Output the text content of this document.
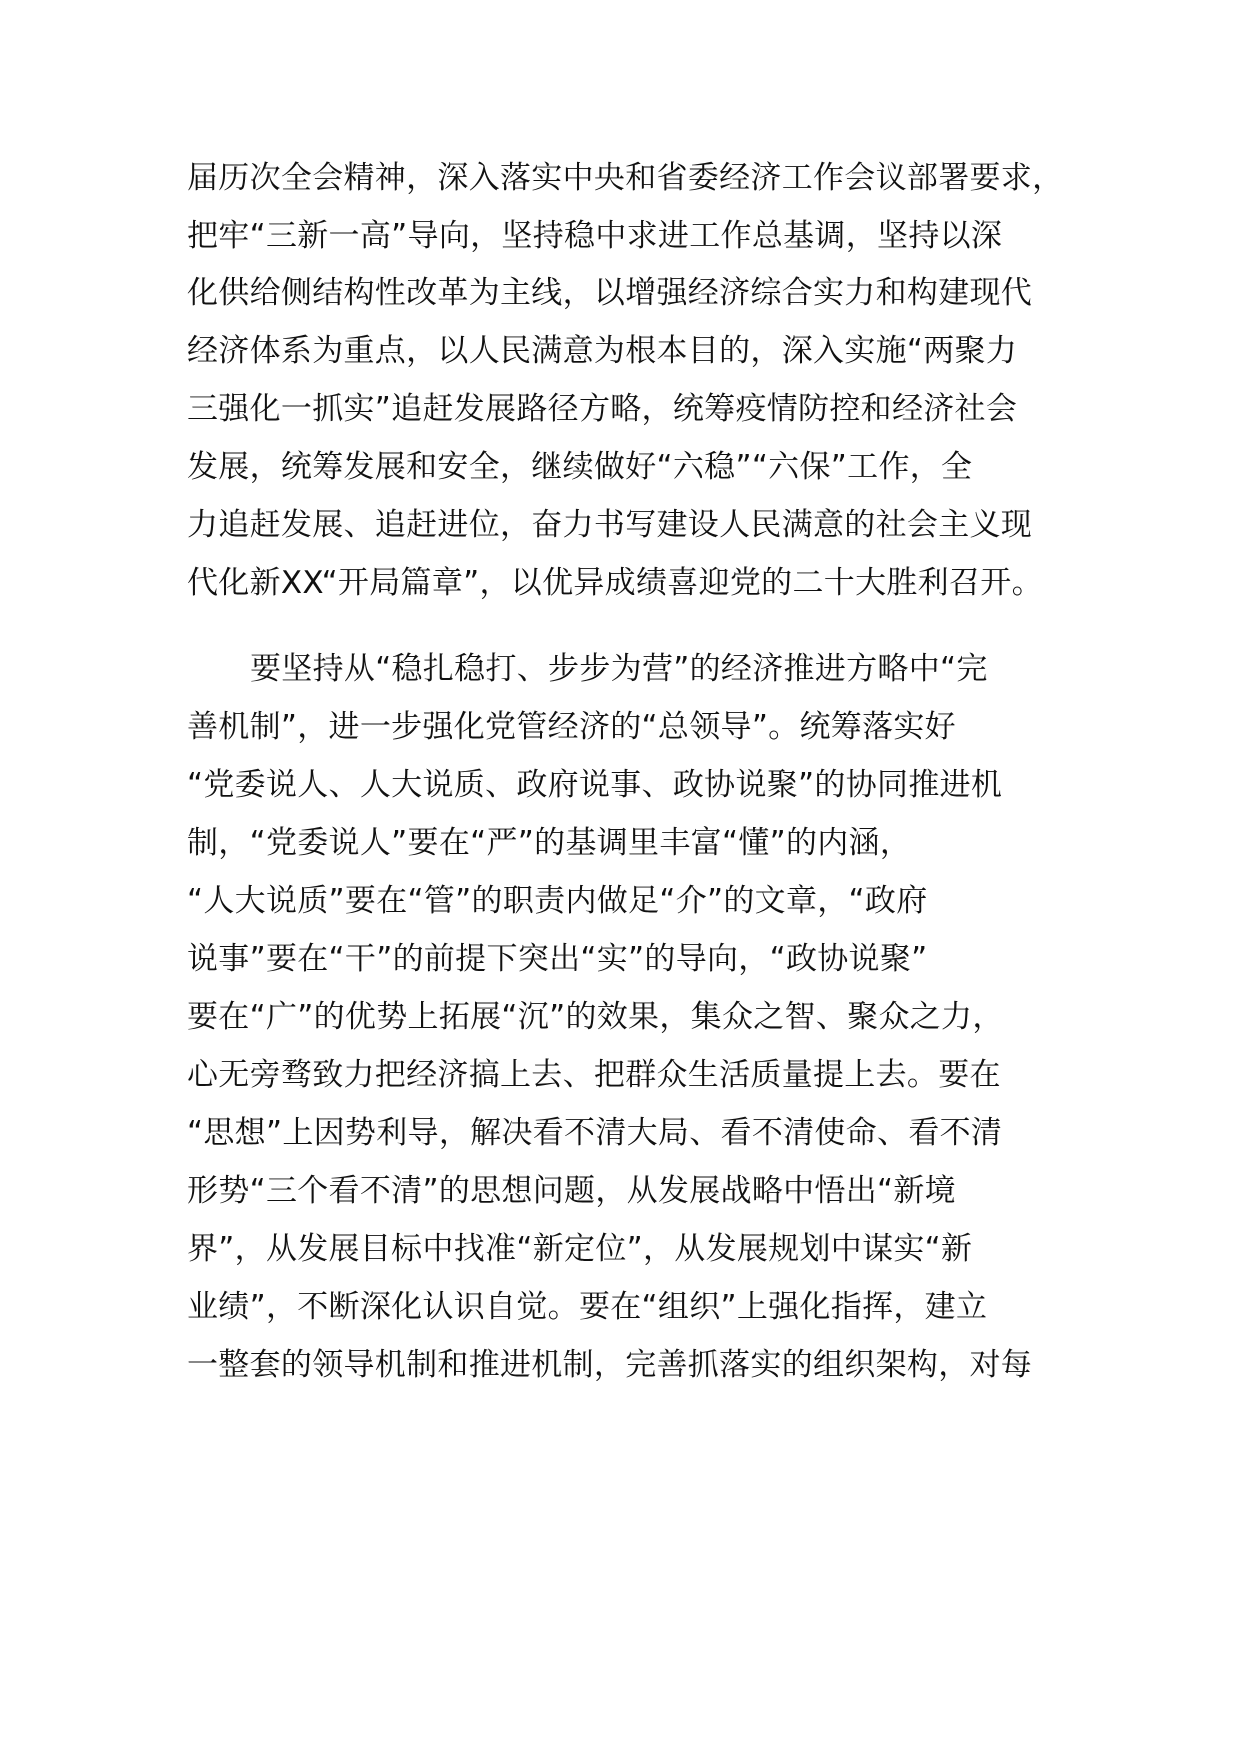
届历次全会精神，深入落实中央和省委经济工作会议部署要求，

把牢“三新一高”导向，坚持稳中求进工作总基调，坚持以深

化供给侧结构性改革为主线，以增强经济综合实力和构建现代

经济体系为重点，以人民满意为根本目的，深入实施“两聚力

三强化一抓实”追赶发展路径方略，统筹疫情防控和经济社会

发展，统筹发展和安全，继续做好“六稳”“六保”工作，全

力追赶发展、追赶进位，奋力书写建设人民满意的社会主义现

代化新XX“开局篇章”，以优异成绩喜迎党的二十大胜利召开。

要坚持从“稳扎稳打、步步为营”的经济推进方略中“完

善机制”，进一步强化党管经济的“总领导”。统筹落实好

“党委说人、人大说质、政府说事、政协说聚”的协同推进机

制，“党委说人”要在“严”的基调里丰富“懂”的内涵，

“人大说质”要在“管”的职责内做足“介”的文章，“政府

说事”要在“干”的前提下突出“实”的导向，“政协说聚”

要在“广”的优势上拓展“沉”的效果，集众之智、聚众之力，

心无旁骛致力把经济搞上去、把群众生活质量提上去。要在

“思想”上因势利导，解决看不清大局、看不清使命、看不清

形势“三个看不清”的思想问题，从发展战略中悟出“新境

界”，从发展目标中找准“新定位”，从发展规划中谋实“新

业绩”，不断深化认识自觉。要在“组织”上强化指挥，建立

一整套的领导机制和推进机制，完善抓落实的组织架构，对每
